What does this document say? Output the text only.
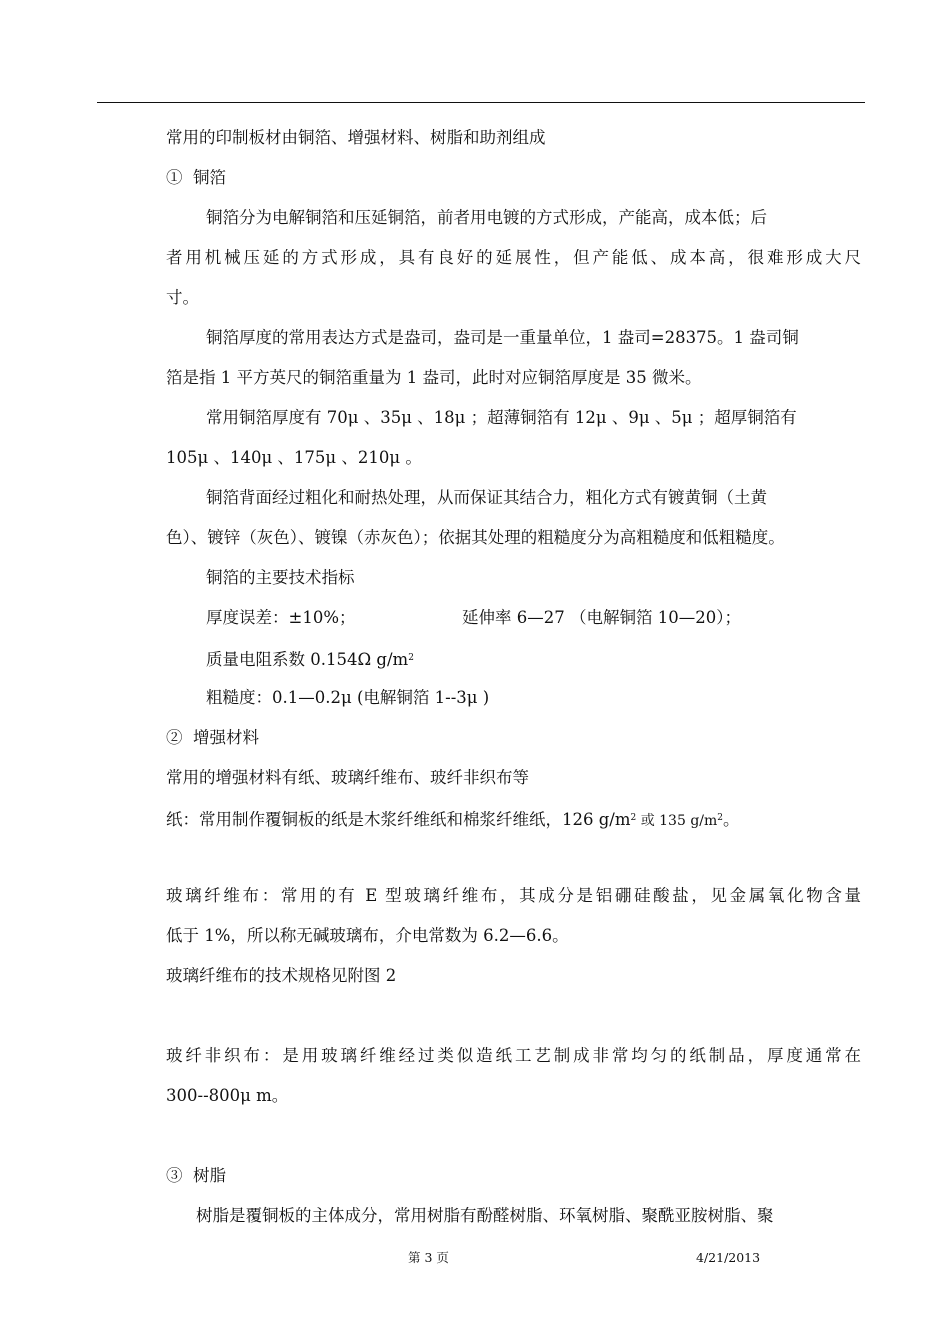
常用的印制板材由铜箔、增强材料、树脂和助剂组成
①  铜箔
铜箔分为电解铜箔和压延铜箔，前者用电镀的方式形成，产能高，成本低；后
者用机械压延的方式形成，具有良好的延展性，但产能低、成本高，很难形成大尺
寸。
铜箔厚度的常用表达方式是盎司，盎司是一重量单位，1 盎司=28375。1 盎司铜
箔是指 1 平方英尺的铜箔重量为 1 盎司，此时对应铜箔厚度是 35 微米。
常用铜箔厚度有 70μ 、35μ 、18μ ；超薄铜箔有 12μ 、9μ 、5μ ；超厚铜箔有
105μ 、140μ 、175μ 、210μ 。
铜箔背面经过粗化和耐热处理，从而保证其结合力，粗化方式有镀黄铜（土黄
色）、镀锌（灰色）、镀镍（赤灰色）；依据其处理的粗糙度分为高粗糙度和低粗糙度。
铜箔的主要技术指标
厚度误差：±10%；	延伸率 6—27 （电解铜箔 10—20）；
质量电阻系数 0.154Ω $g/m^2$
粗糙度：0.1—0.2μ (电解铜箔 1--3μ )
②  增强材料
常用的增强材料有纸、玻璃纤维布、玻纤非织布等
纸：常用制作覆铜板的纸是木浆纤维纸和棉浆纤维纸，126 $g/m^2$ 或 135 $g/m^2$。
玻璃纤维布：常用的有 E 型玻璃纤维布，其成分是铝硼硅酸盐，见金属氧化物含量
低于 1%，所以称无碱玻璃布，介电常数为 6.2—6.6。
玻璃纤维布的技术规格见附图 2
玻纤非织布：是用玻璃纤维经过类似造纸工艺制成非常均匀的纸制品，厚度通常在
300--800μ m。
③  树脂
树脂是覆铜板的主体成分，常用树脂有酚醛树脂、环氧树脂、聚酰亚胺树脂、聚
第 3 页	4/21/2013
